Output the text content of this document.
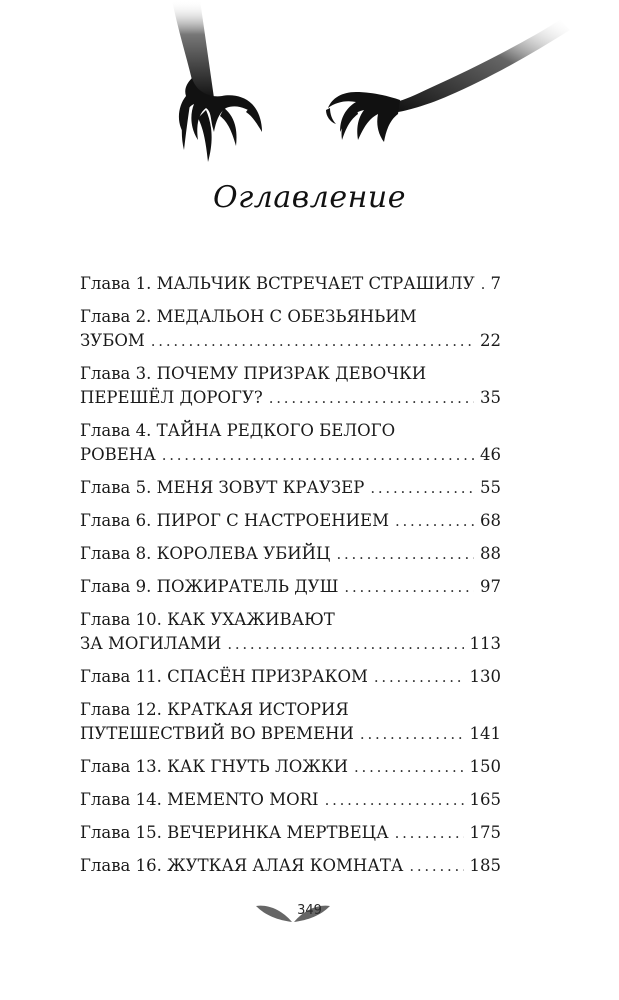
Оглавление
Глава 1. МАЛЬЧИК ВСТРЕЧАЕТ СТРАШИЛУ . . . 7
Глава 2. МЕДАЛЬОН С ОБЕЗЬЯНЬИМ
ЗУБОМ . . .	22
Глава 3. ПОЧЕМУ ПРИЗРАК ДЕВОЧКИ
ПЕРЕШЁЛ ДОРОГУ? . . .	35
Глава 4. ТАЙНА РЕДКОГО БЕЛОГО
РОВЕНА . . .	46
Глава 5. МЕНЯ ЗОВУТ КРАУЗЕР . . .	55
Глава 6. ПИРОГ С НАСТРОЕНИЕМ . . .	68
Глава 8. КОРОЛЕВА УБИЙЦ . . .	88
Глава 9. ПОЖИРАТЕЛЬ ДУШ . . .	97
Глава 10. КАК УХАЖИВАЮТ
ЗА МОГИЛАМИ . . .	113
Глава 11. СПАСЁН ПРИЗРАКОМ . . .	130
Глава 12. КРАТКАЯ ИСТОРИЯ
ПУТЕШЕСТВИЙ ВО ВРЕМЕНИ . . .	141
Глава 13. КАК ГНУТЬ ЛОЖКИ . . .	150
Глава 14. MEMENTO MORI . . .	165
Глава 15. ВЕЧЕРИНКА МЕРТВЕЦА . . .	175
Глава 16. ЖУТКАЯ АЛАЯ КОМНАТА . . .	185
349
